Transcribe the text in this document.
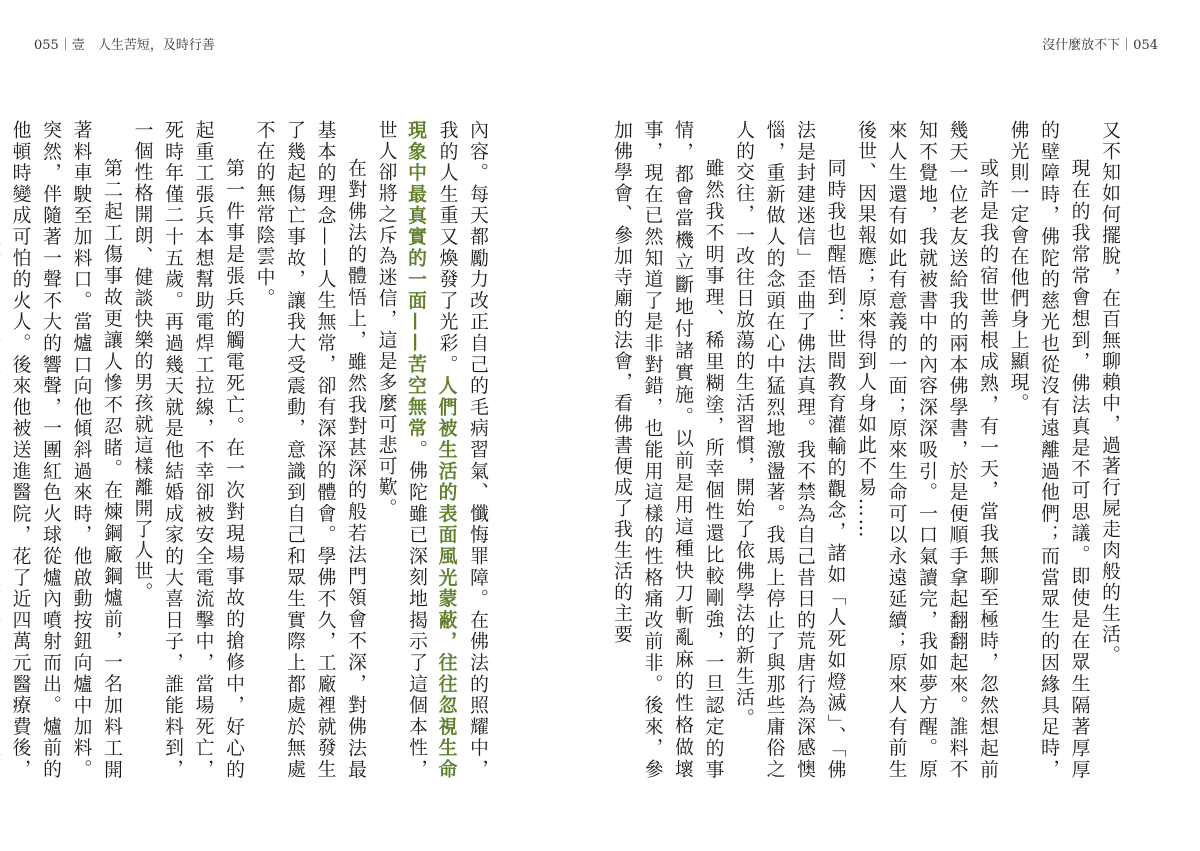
055｜壹　人生苦短，及時行善	沒什麼放不下｜054

又不知如何擺脫，在百無聊賴中，過著行屍走肉般的生活。

現在的我常常會想到，佛法真是不可思議。即使是在眾生隔著厚厚的壁障時，佛陀的慈光也從沒有遠離過他們；而當眾生的因緣具足時，佛光則一定會在他們身上顯現。

或許是我的宿世善根成熟，有一天，當我無聊至極時，忽然想起前幾天一位老友送給我的兩本佛學書，於是便順手拿起翻翻起來。誰料不知不覺地，我就被書中的內容深深吸引。一口氣讀完，我如夢方醒。原來人生還有如此有意義的一面；原來生命可以永遠延續；原來人有前生後世、因果報應；原來得到人身如此不易……

同時我也醒悟到：世間教育灌輸的觀念，諸如「人死如燈滅」、「佛法是封建迷信」歪曲了佛法真理。我不禁為自己昔日的荒唐行為深感懊惱，重新做人的念頭在心中猛烈地激盪著。我馬上停止了與那些庸俗之人的交往，一改往日放蕩的生活習慣，開始了依佛學法的新生活。

雖然我不明事理、稀里糊塗，所幸個性還比較剛強，一旦認定的事情，都會當機立斷地付諸實施。以前是用這種快刀斬亂麻的性格做壞事，現在已然知道了是非對錯，也能用這樣的性格痛改前非。後來，參加佛學會、參加寺廟的法會，看佛書便成了我生活的主要

內容。每天都勵力改正自己的毛病習氣、懺悔罪障。在佛法的照耀中，我的人生重又煥發了光彩。人們被生活的表面風光蒙蔽，往往忽視生命現象中最真實的一面——苦空無常。佛陀雖已深刻地揭示了這個本性，世人卻將之斥為迷信，這是多麼可悲可歎。

在對佛法的體悟上，雖然我對甚深的般若法門領會不深，對佛法最基本的理念——人生無常，卻有深深的體會。學佛不久，工廠裡就發生了幾起傷亡事故，讓我大受震動，意識到自己和眾生實際上都處於無處不在的無常陰雲中。

第一件事是張兵的觸電死亡。在一次對現場事故的搶修中，好心的起重工張兵本想幫助電焊工拉線，不幸卻被安全電流擊中，當場死亡，死時年僅二十五歲。再過幾天就是他結婚成家的大喜日子，誰能料到，一個性格開朗、健談快樂的男孩就這樣離開了人世。

第二起工傷事故更讓人慘不忍睹。在煉鋼廠鋼爐前，一名加料工開著料車駛至加料口。當爐口向他傾斜過來時，他啟動按鈕向爐中加料。突然，伴隨著一聲不大的響聲，一團紅色火球從爐內噴射而出。爐前的他頓時變成可怕的火人。後來他被送進醫院，花了近四萬元醫療費後，
